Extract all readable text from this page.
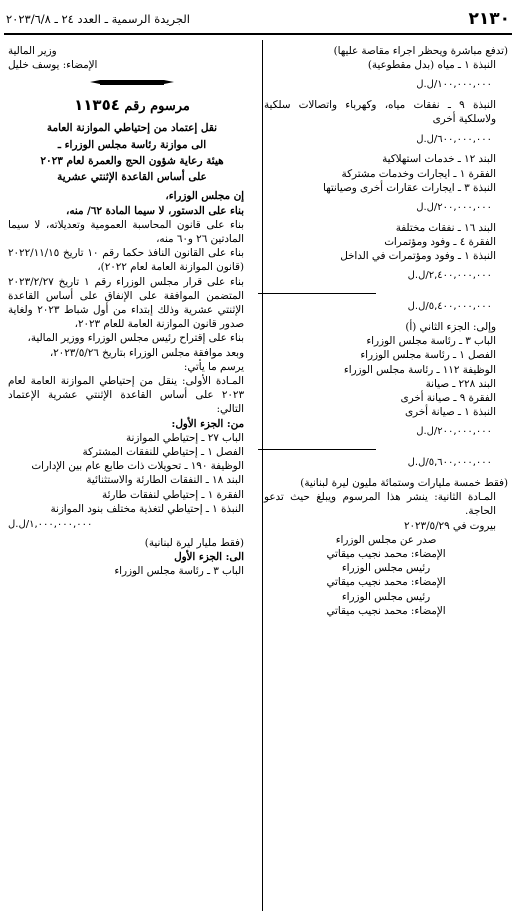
٢١٣٠
الجريدة الرسمية ـ العدد ٢٤ ـ ٢٠٢٣/٦/٨
(تدفع مباشرة ويحظر اجراء مقاصة عليها)
النبذة ١ ـ مياه (بدل مقطوعية)
١٠٠,٠٠٠,٠٠٠/ل.ل
النبذة ٩ ـ نفقات مياه، وكهرباء واتصالات سلكية ولاسلكية أخرى
٦٠٠,٠٠٠,٠٠٠/ل.ل
البند ١٢ ـ خدمات استهلاكية
الفقرة ١ ـ ايجارات وخدمات مشتركة
النبذة ٣ ـ ايجارات عقارات أخرى وصيانتها
٢٠٠,٠٠٠,٠٠٠/ل.ل
البند ١٦ ـ نفقات مختلفة
الفقرة ٤ ـ وفود ومؤتمرات
النبذة ١ ـ وفود ومؤتمرات في الداخل
٢,٤٠٠,٠٠٠,٠٠٠/ل.ل
٥,٤٠٠,٠٠٠,٠٠٠/ل.ل
وإلى: الجزء الثاني (أ)
الباب ٣ ـ رئاسة مجلس الوزراء
الفصل ١ ـ رئاسة مجلس الوزراء
الوظيفة ١١٢ ـ رئاسة مجلس الوزراء
البند ٢٢٨ ـ صيانة
الفقرة ٩ ـ صيانة أخرى
النبذة ١ ـ صيانة أخرى
٢٠٠,٠٠٠,٠٠٠/ل.ل
٥,٦٠٠,٠٠٠,٠٠٠/ل.ل
(فقط خمسة مليارات وستمائة مليون ليرة لبنانية)
المـادة الثانية: ينشر هذا المرسوم ويبلغ حيث تدعو الحاجة.
بيروت في ٢٠٢٣/٥/٢٩
صدر عن مجلس الوزراء
الإمضاء: محمد نجيب ميقاتي
رئيس مجلس الوزراء
الإمضاء: محمد نجيب ميقاتي
رئيس مجلس الوزراء
الإمضاء: محمد نجيب ميقاتي
وزير المالية
الإمضاء: يوسف خليل
مرسوم رقم ١١٣٥٤
نقل إعتماد من إحتياطي الموازنة العامة
الى موازنة رئاسة مجلس الوزراء ـ
هيئة رعاية شؤون الحج والعمرة لعام ٢٠٢٣
على أساس القاعدة الإثنتي عشرية
إن مجلس الوزراء،
بناء على الدستور، لا سيما المادة ٦٢/ منه،
بناء على قانون المحاسبة العمومية وتعديلاته، لا سيما المادتين ٢٦ و٦٠ منه،
بناء على القانون النافذ حكما رقم ١٠ تاريخ ٢٠٢٢/١١/١٥ (قانون الموازنة العامة لعام ٢٠٢٢)،
بناء على قرار مجلس الوزراء رقم ١ تاريخ ٢٠٢٣/٢/٢٧ المتضمن الموافقة على الإنفاق على أساس القاعدة الإثنتي عشرية وذلك إبتداء من أول شباط ٢٠٢٣ ولغاية صدور قانون الموازنة العامة للعام ٢٠٢٣،
بناء على إقتراح رئيس مجلس الوزراء ووزير المالية،
وبعد موافقة مجلس الوزراء بتاريخ ٢٠٢٣/٥/٢٦،
يرسم ما يأتي:
المـادة الأولى: ينقل من إحتياطي الموازنة العامة لعام ٢٠٢٣ على أساس القاعدة الإثنتي عشرية الإعتماد التالي:
من: الجزء الأول:
الباب ٢٧ ـ إحتياطي الموازنة
الفصل ١ ـ إحتياطي للنفقات المشتركة
الوظيفة ١٩٠ ـ تحويلات ذات طابع عام بين الإدارات
البند ١٨ ـ النفقات الطارئة والاستثنائية
الفقرة ١ ـ إحتياطي لنفقات طارئة
النبذة ١ ـ إحتياطي لتغذية مختلف بنود الموازنة
١,٠٠٠,٠٠٠,٠٠٠/ل.ل
(فقط مليار ليرة لبنانية)
الى: الجزء الأول
الباب ٣ ـ رئاسة مجلس الوزراء
